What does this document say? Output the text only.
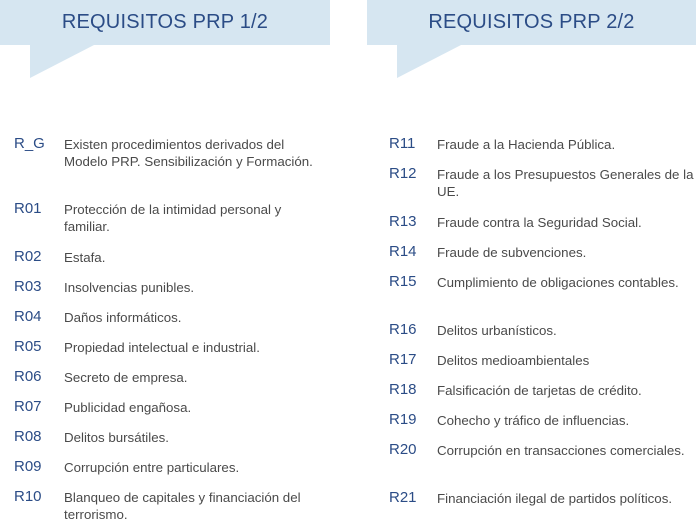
REQUISITOS PRP 1/2
R_G	Existen procedimientos derivados del Modelo PRP. Sensibilización y Formación.
R01	Protección de la intimidad personal y familiar.
R02	Estafa.
R03	Insolvencias punibles.
R04	Daños informáticos.
R05	Propiedad intelectual e industrial.
R06	Secreto de empresa.
R07	Publicidad engañosa.
R08	Delitos bursátiles.
R09	Corrupción entre particulares.
R10	Blanqueo de capitales y financiación del terrorismo.
REQUISITOS PRP 2/2
R11	Fraude a la Hacienda Pública.
R12	Fraude a los Presupuestos Generales de la UE.
R13	Fraude contra la Seguridad Social.
R14	Fraude de subvenciones.
R15	Cumplimiento de obligaciones contables.
R16	Delitos urbanísticos.
R17	Delitos medioambientales
R18	Falsificación de tarjetas de crédito.
R19	Cohecho y tráfico de influencias.
R20	Corrupción en transacciones comerciales.
R21	Financiación ilegal de partidos políticos.
